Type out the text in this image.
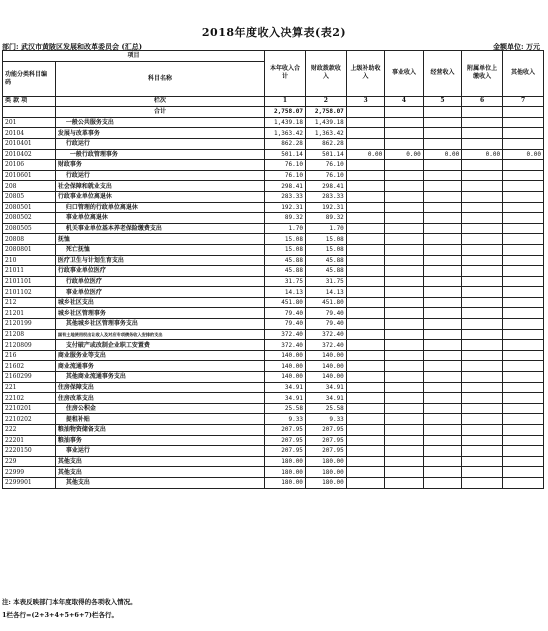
2018年度收入决算表(表2)
部门: 武汉市黄陂区发展和改革委员会 (汇总)	金额单位: 万元
项目		本年收入合计	财政拨款收入	上级补助收入	事业收入	经营收入	附属单位上缴收入	其他收入
功能分类科目编码	科目名称							
类 款 项	栏次	1	2	3	4	5	6	7
	合计	2,758.07	2,758.07					
201	一般公共服务支出	1,439.18	1,439.18					
20104	发展与改革事务	1,363.42	1,363.42					
2010401	行政运行	862.28	862.28					
2010402	一般行政管理事务	501.14	501.14	0.00	0.00	0.00	0.00	0.00
20106	财政事务	76.10	76.10					
2010601	行政运行	76.10	76.10					
208	社会保障和就业支出	298.41	298.41					
20805	行政事业单位离退休	283.33	283.33					
2080501	归口管理的行政单位离退休	192.31	192.31					
2080502	事业单位离退休	89.32	89.32					
2080505	机关事业单位基本养老保险缴费支出	1.70	1.70					
20808	抚恤	15.08	15.08					
2080801	死亡抚恤	15.08	15.08					
210	医疗卫生与计划生育支出	45.88	45.88					
21011	行政事业单位医疗	45.88	45.88					
2101101	行政单位医疗	31.75	31.75					
2101102	事业单位医疗	14.13	14.13					
212	城乡社区支出	451.80	451.80					
21201	城乡社区管理事务	79.40	79.40					
2120199	其他城乡社区管理事务支出	79.40	79.40					
21208	国有土地使用权出让收入及对应专项债务收入安排的支出	372.40	372.40					
2120809	支付破产或改制企业职工安置费	372.40	372.40					
216	商业服务业等支出	140.00	140.00					
21602	商业流通事务	140.00	140.00					
2160299	其他商业流通事务支出	140.00	140.00					
221	住房保障支出	34.91	34.91					
22102	住房改革支出	34.91	34.91					
2210201	住房公积金	25.58	25.58					
2210202	提租补贴	9.33	9.33					
222	粮油物资储备支出	207.95	207.95					
22201	粮油事务	207.95	207.95					
2220150	事业运行	207.95	207.95					
229	其他支出	180.00	180.00					
22999	其他支出	180.00	180.00					
2299901	其他支出	180.00	180.00					
注: 本表反映部门本年度取得的各项收入情况。
1栏各行=(2+3+4+5+6+7)栏各行。
